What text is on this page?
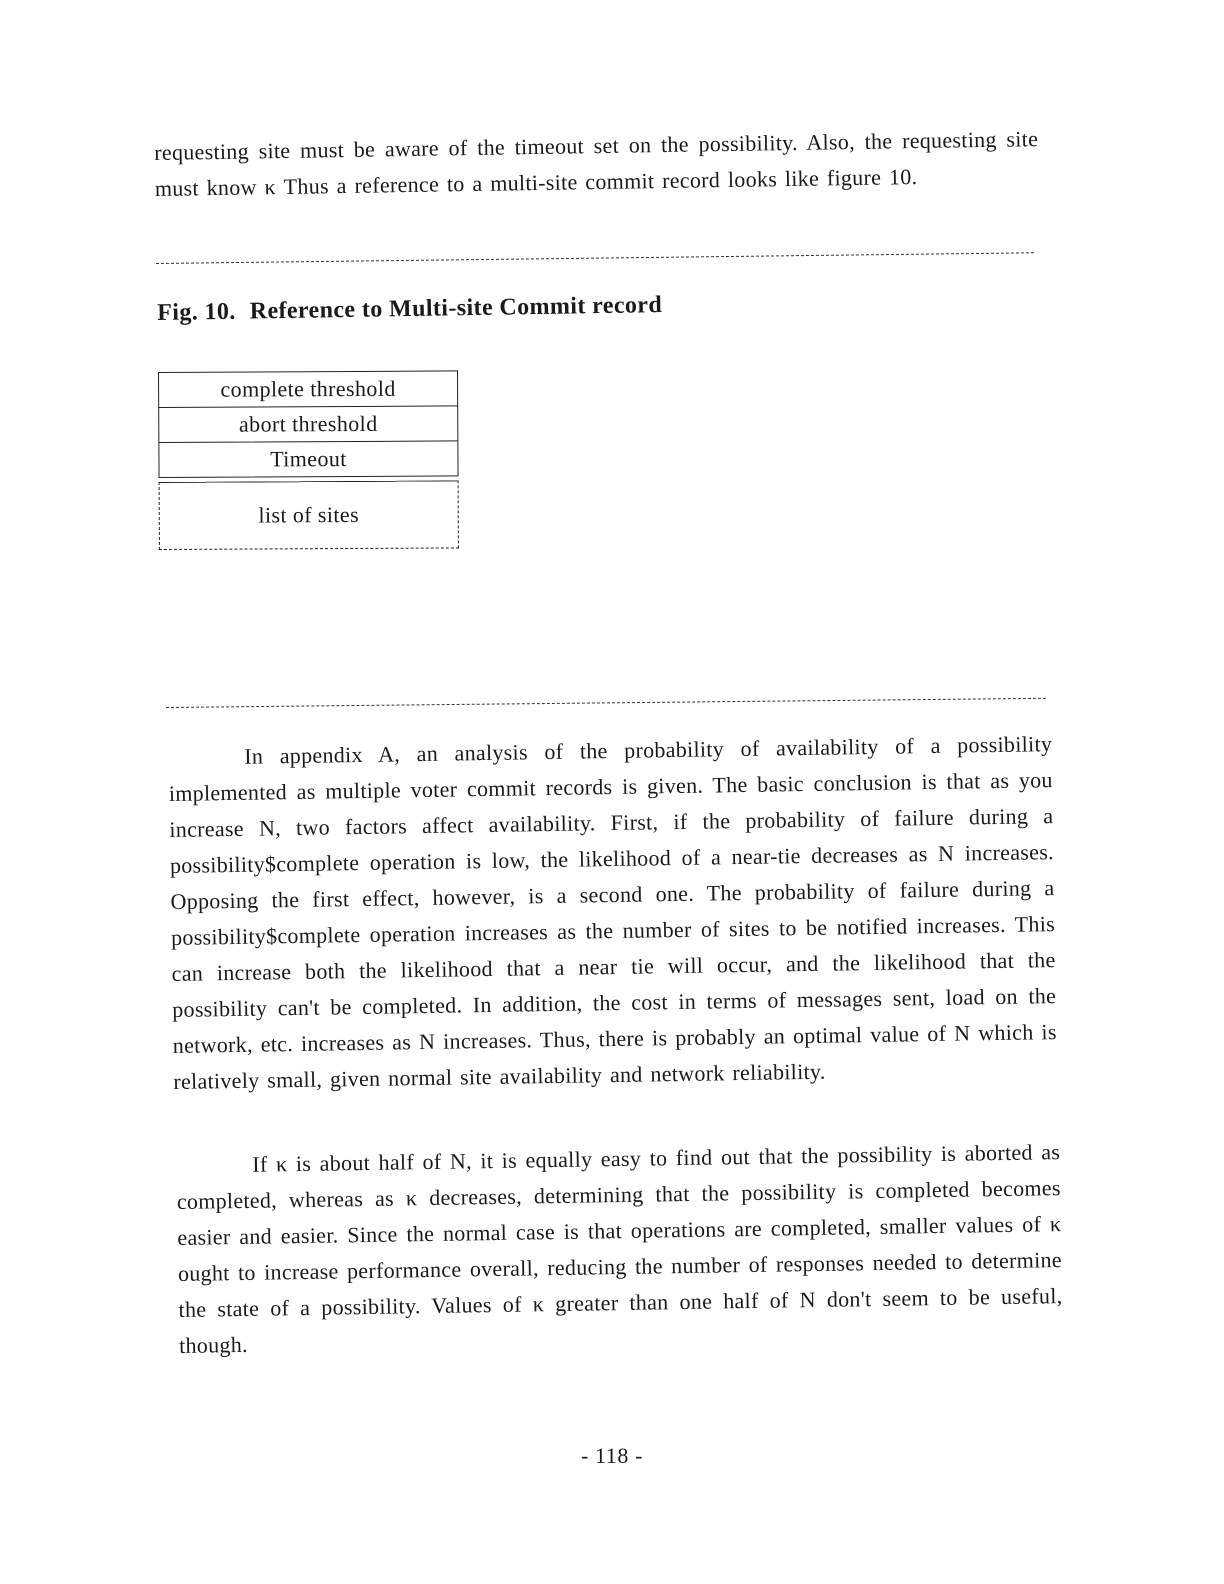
requesting site must be aware of the timeout set on the possibility. Also, the requesting site must know κ Thus a reference to a multi-site commit record looks like figure 10.
Fig. 10. Reference to Multi-site Commit record
complete threshold
abort threshold
Timeout
list of sites
In appendix A, an analysis of the probability of availability of a possibility implemented as multiple voter commit records is given. The basic conclusion is that as you increase N, two factors affect availability. First, if the probability of failure during a possibility$complete operation is low, the likelihood of a near-tie decreases as N increases. Opposing the first effect, however, is a second one. The probability of failure during a possibility$complete operation increases as the number of sites to be notified increases. This can increase both the likelihood that a near tie will occur, and the likelihood that the possibility can't be completed. In addition, the cost in terms of messages sent, load on the network, etc. increases as N increases. Thus, there is probably an optimal value of N which is relatively small, given normal site availability and network reliability.
If κ is about half of N, it is equally easy to find out that the possibility is aborted as completed, whereas as κ decreases, determining that the possibility is completed becomes easier and easier. Since the normal case is that operations are completed, smaller values of κ ought to increase performance overall, reducing the number of responses needed to determine the state of a possibility. Values of κ greater than one half of N don't seem to be useful, though.
- 118 -
